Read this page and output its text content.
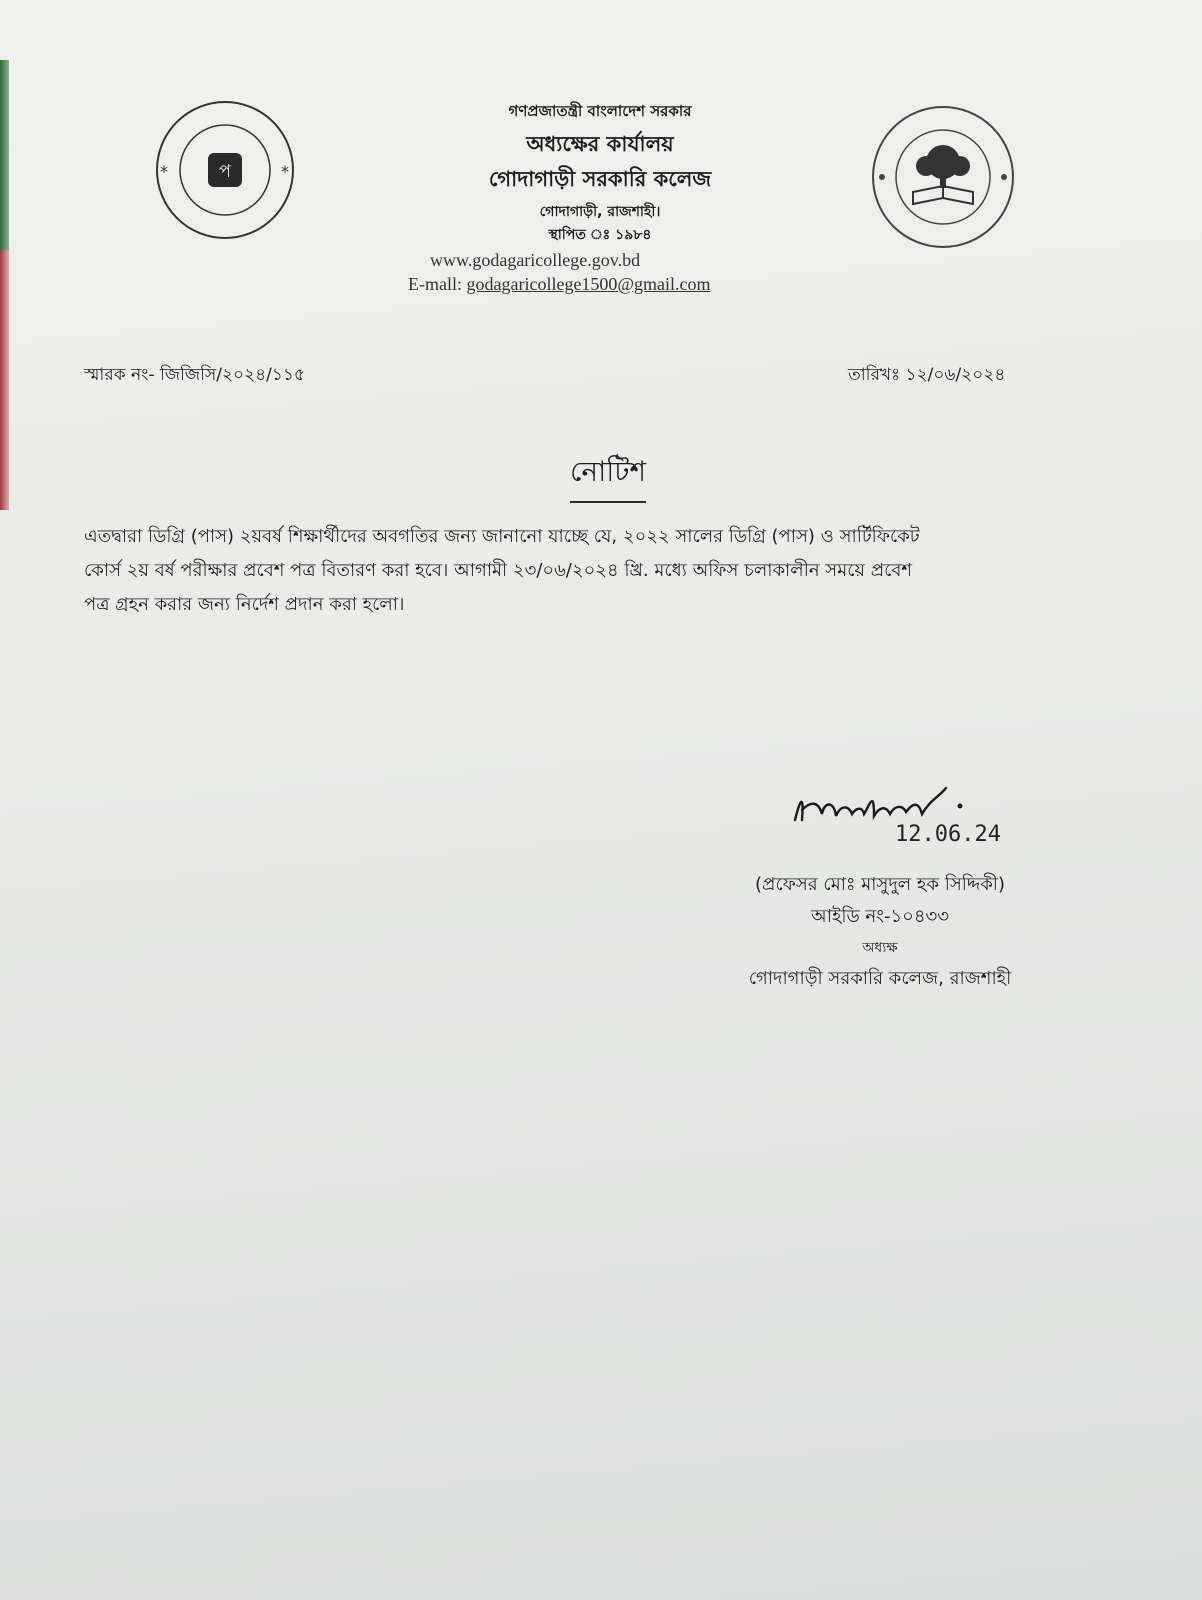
প
*	*
গণপ্রজাতন্ত্রী বাংলাদেশ সরকার
অধ্যক্ষের কার্যালয়
গোদাগাড়ী সরকারি কলেজ
গোদাগাড়ী, রাজশাহী।
স্থাপিত ঃ ১৯৮৪
www.godagaricollege.gov.bd
E-mall: godagaricollege1500@gmail.com
স্মারক নং- জিজিসি/২০২৪/১১৫	তারিখঃ ১২/০৬/২০২৪
নোটিশ
এতদ্বারা ডিগ্রি (পাস) ২য়বর্ষ শিক্ষার্থীদের অবগতির জন্য জানানো যাচ্ছে যে, ২০২২ সালের ডিগ্রি (পাস) ও সার্টিফিকেট
কোর্স ২য় বর্ষ পরীক্ষার প্রবেশ পত্র বিতারণ করা হবে। আগামী ২৩/০৬/২০২৪ খ্রি. মধ্যে অফিস চলাকালীন সময়ে প্রবেশ
পত্র গ্রহন করার জন্য নির্দেশ প্রদান করা হলো।
12.06.24
(প্রফেসর মোঃ মাসুদুল হক সিদ্দিকী)
আইডি নং-১০৪৩৩
অধ্যক্ষ
গোদাগাড়ী সরকারি কলেজ, রাজশাহী
